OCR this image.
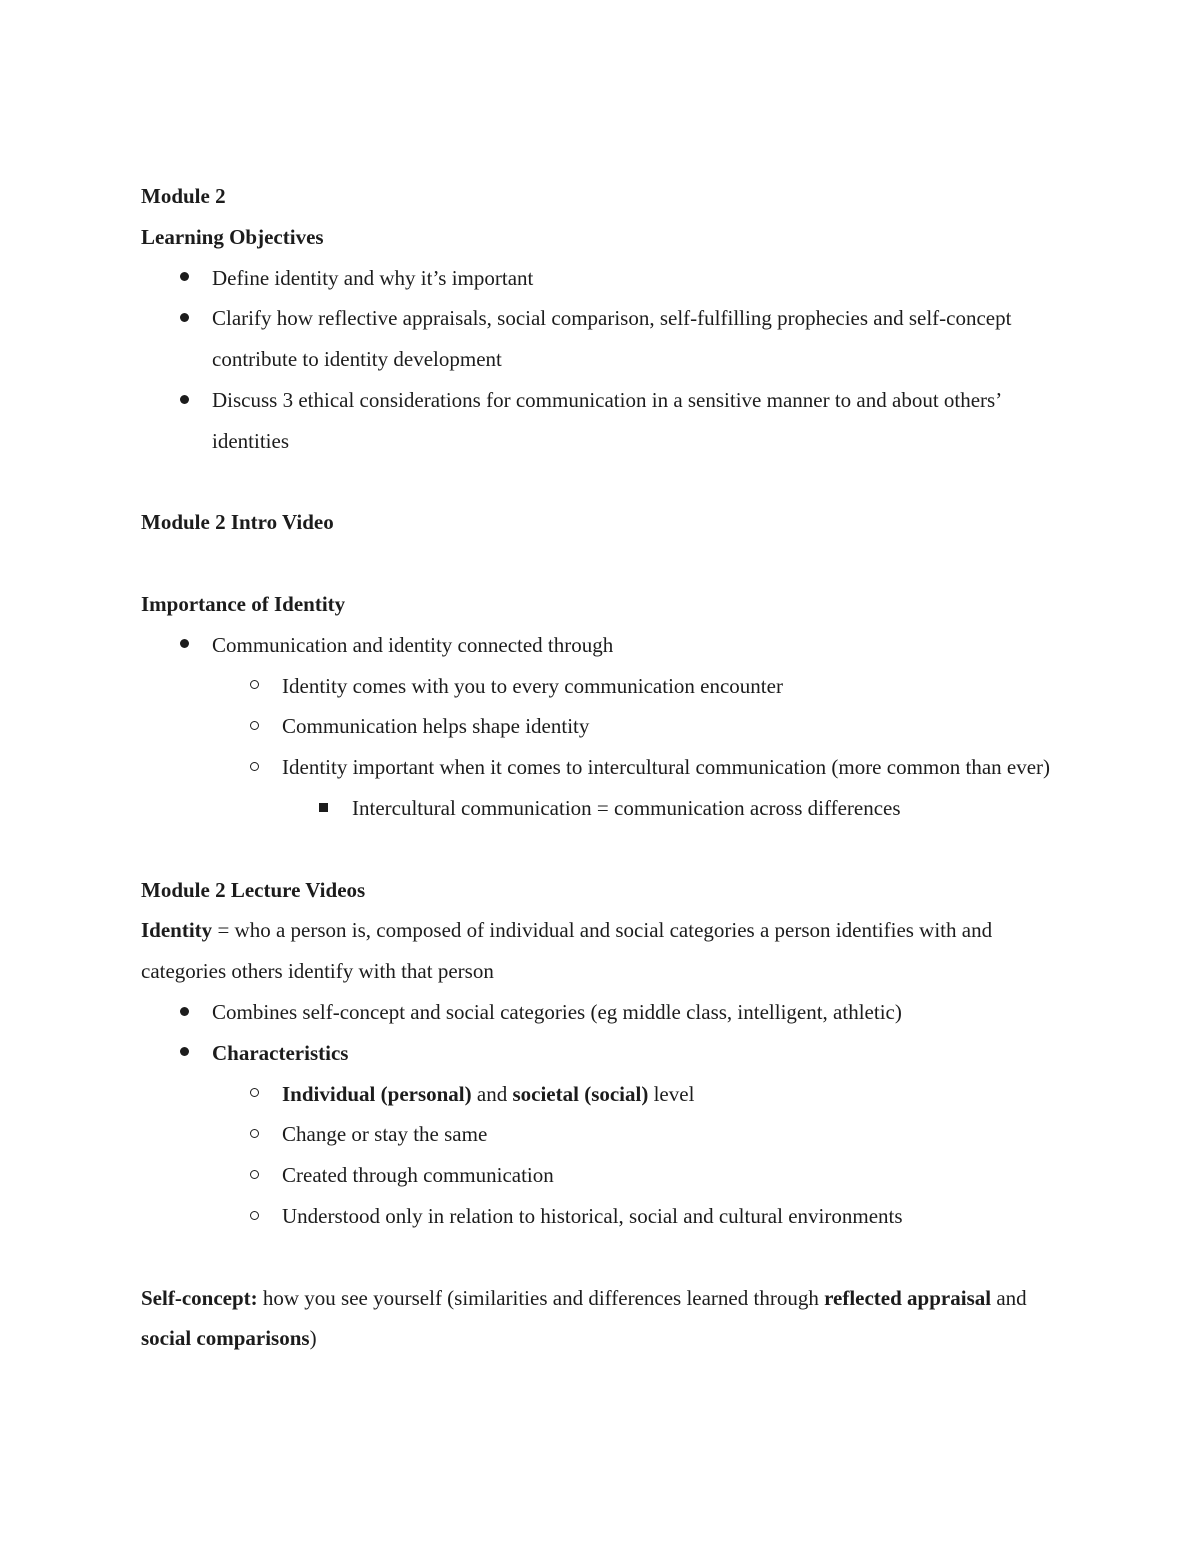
Module 2

Learning Objectives

Define identity and why it’s important
Clarify how reflective appraisals, social comparison, self-fulfilling prophecies and self-concept contribute to identity development
Discuss 3 ethical considerations for communication in a sensitive manner to and about others’ identities

Module 2 Intro Video

Importance of Identity

Communication and identity connected through
Identity comes with you to every communication encounter
Communication helps shape identity
Identity important when it comes to intercultural communication (more common than ever)
Intercultural communication = communication across differences

Module 2 Lecture Videos

Identity = who a person is, composed of individual and social categories a person identifies with and categories others identify with that person

Combines self-concept and social categories (eg middle class, intelligent, athletic)
Characteristics
Individual (personal) and societal (social) level
Change or stay the same
Created through communication
Understood only in relation to historical, social and cultural environments

Self-concept: how you see yourself (similarities and differences learned through reflected appraisal and social comparisons)
